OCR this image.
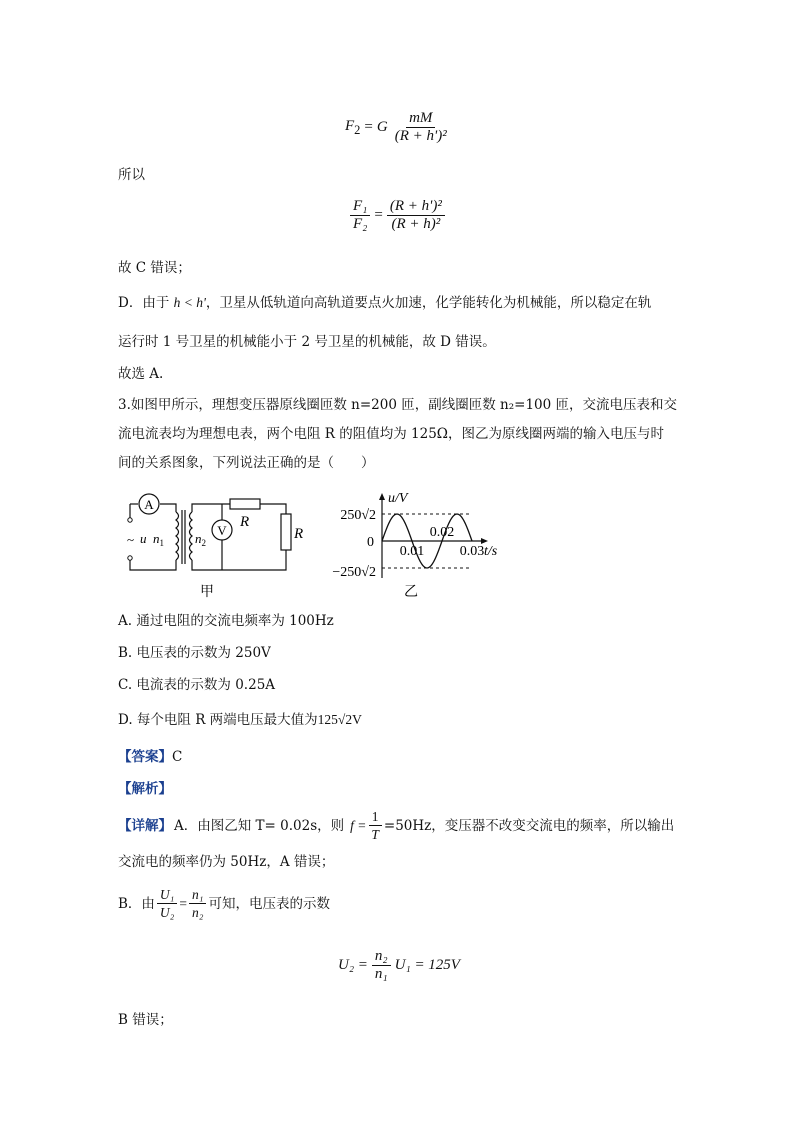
$F_2 = G \frac{mM}{\text{(R + h')²}}$
所以
$\frac{\text{F₁}}{\text{F₂}} = \frac{\text{(R + h')²}}{\text{(R + h)²}}$
故 C 错误；
D．由于 h < h'，卫星从低轨道向高轨道要点火加速，化学能转化为机械能，所以稳定在轨
运行时 1 号卫星的机械能小于 2 号卫星的机械能，故 D 错误。
故选 A.
3.如图甲所示，理想变压器原线圈匝数 n=200 匝，副线圈匝数 n₂=100 匝，交流电压表和交
流电流表均为理想电表，两个电阻 R 的阻值均为 125Ω，图乙为原线圈两端的输入电压与时
间的关系图象，下列说法正确的是（　　）
A
V
R
R
~ u $n_1$ $n_2$
甲
u/V
250√2
−250√2
0
0.01
0.02
0.03 t/s
乙
A. 通过电阻的交流电频率为 100Hz
B. 电压表的示数为 250V
C. 电流表的示数为 0.25A
D. 每个电阻 R 两端电压最大值为125√2V
【答案】C
【解析】
【详解】 A．由图乙知 T= 0.02s，则 $f = \frac{1}{T} =50Hz$，变压器不改变交流电的频率，所以输出
交流电的频率仍为 50Hz，A 错误；
B．由 $\frac{\text{U₁}}{\text{U₂}} = \frac{\text{n₁}}{\text{n₂}}$ 可知，电压表的示数
$U_2 = \frac{\text{n₂}}{\text{n₁}} U_1 = 125V$
B 错误；
